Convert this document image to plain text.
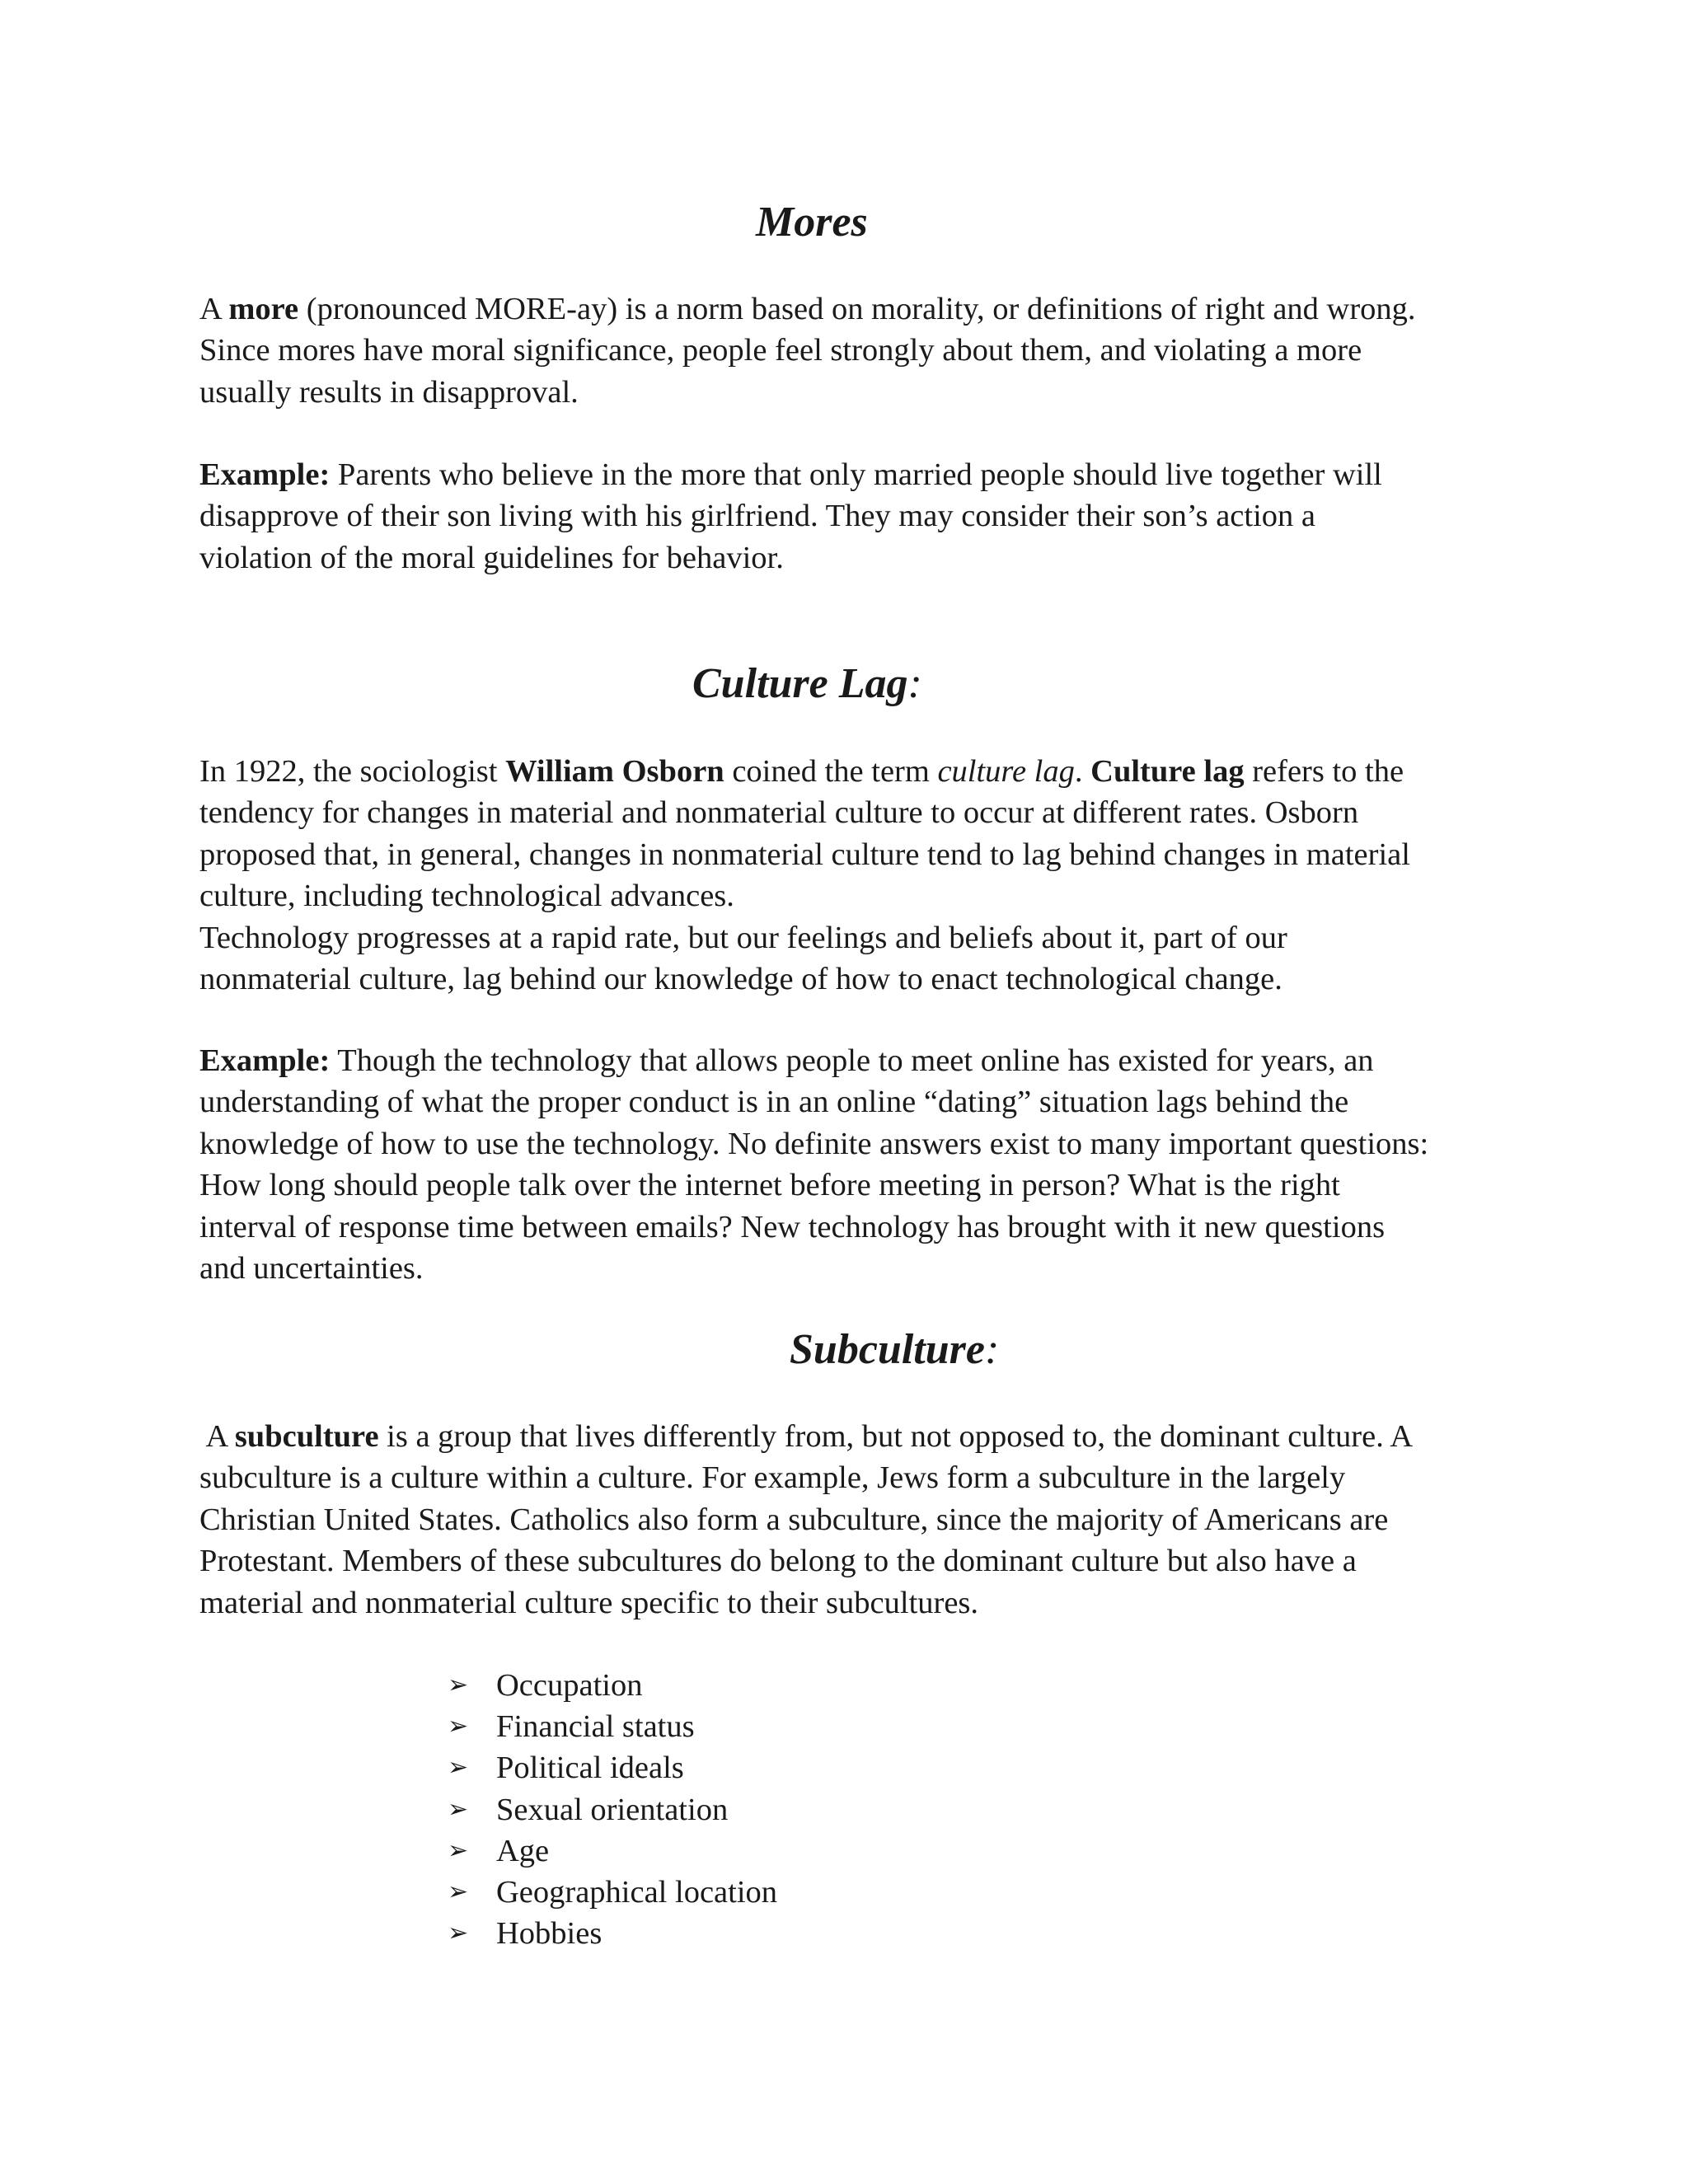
Mores

A more (pronounced MORE-ay) is a norm based on morality, or definitions of right and wrong.
Since mores have moral significance, people feel strongly about them, and violating a more
usually results in disapproval.

Example: Parents who believe in the more that only married people should live together will
disapprove of their son living with his girlfriend. They may consider their son’s action a
violation of the moral guidelines for behavior.

Culture Lag:

In 1922, the sociologist William Osborn coined the term culture lag. Culture lag refers to the
tendency for changes in material and nonmaterial culture to occur at different rates. Osborn
proposed that, in general, changes in nonmaterial culture tend to lag behind changes in material
culture, including technological advances.
Technology progresses at a rapid rate, but our feelings and beliefs about it, part of our
nonmaterial culture, lag behind our knowledge of how to enact technological change.

Example: Though the technology that allows people to meet online has existed for years, an
understanding of what the proper conduct is in an online “dating” situation lags behind the
knowledge of how to use the technology. No definite answers exist to many important questions:
How long should people talk over the internet before meeting in person? What is the right
interval of response time between emails? New technology has brought with it new questions
and uncertainties.

Subculture:

A subculture is a group that lives differently from, but not opposed to, the dominant culture. A
subculture is a culture within a culture. For example, Jews form a subculture in the largely
Christian United States. Catholics also form a subculture, since the majority of Americans are
Protestant. Members of these subcultures do belong to the dominant culture but also have a
material and nonmaterial culture specific to their subcultures.

➢ Occupation
➢ Financial status
➢ Political ideals
➢ Sexual orientation
➢ Age
➢ Geographical location
➢ Hobbies
